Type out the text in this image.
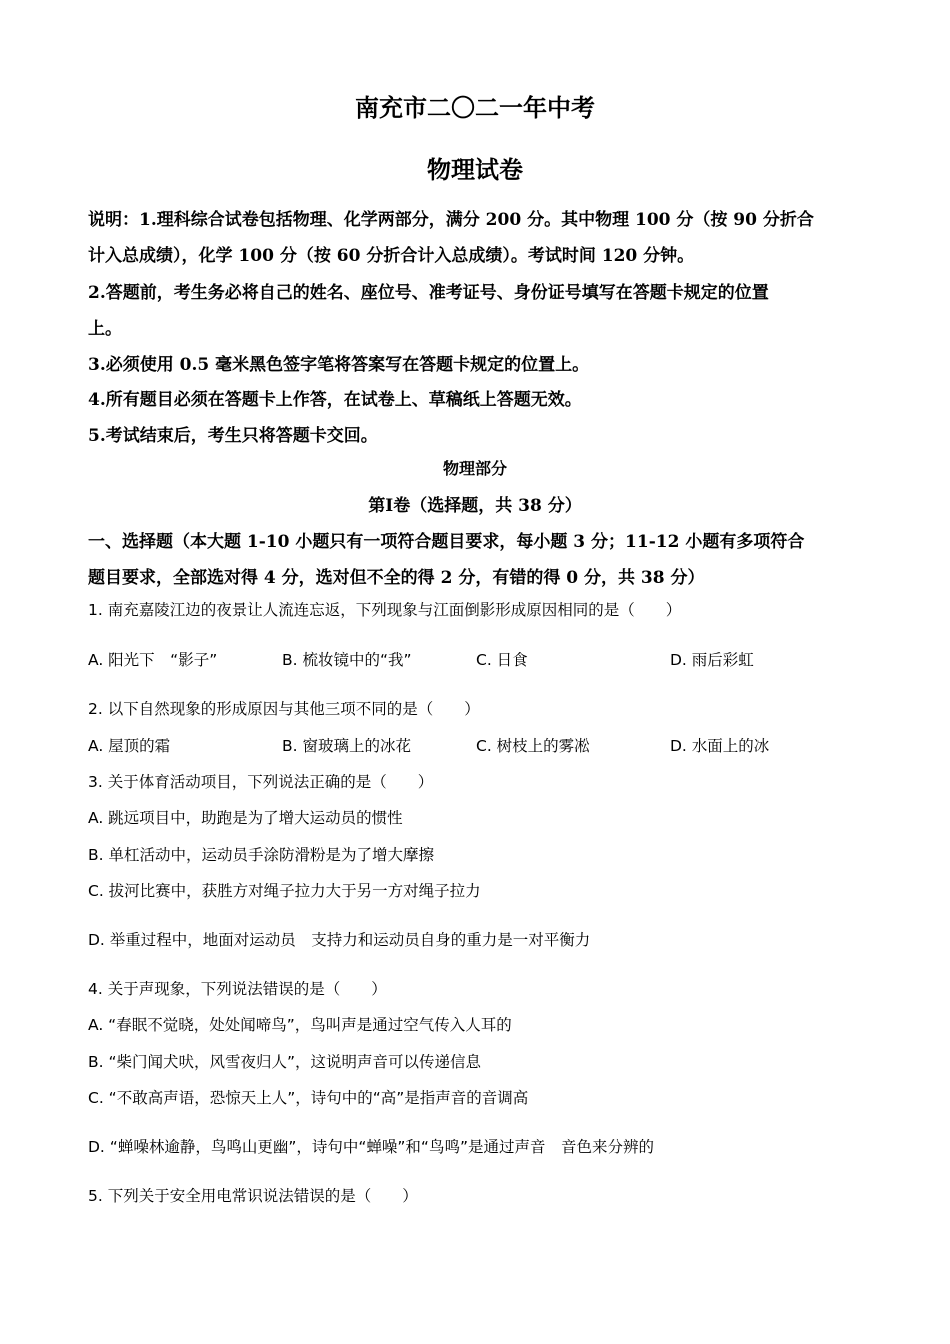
南充市二〇二一年中考
物理试卷
说明：1.理科综合试卷包括物理、化学两部分，满分 200 分。其中物理 100 分（按 90 分折合
计入总成绩），化学 100 分（按 60 分折合计入总成绩）。考试时间 120 分钟。
2.答题前，考生务必将自己的姓名、座位号、准考证号、身份证号填写在答题卡规定的位置
上。
3.必须使用 0.5 毫米黑色签字笔将答案写在答题卡规定的位置上。
4.所有题目必须在答题卡上作答，在试卷上、草稿纸上答题无效。
5.考试结束后，考生只将答题卡交回。
物理部分
第Ⅰ卷（选择题，共 38 分）
一、选择题（本大题 1-10 小题只有一项符合题目要求，每小题 3 分；11-12 小题有多项符合
题目要求，全部选对得 4 分，选对但不全的得 2 分，有错的得 0 分，共 38 分）
1. 南充嘉陵江边的夜景让人流连忘返，下列现象与江面倒影形成原因相同的是（　　）
A. 阳光下　“影子”	B. 梳妆镜中的“我”	C. 日食	D. 雨后彩虹
2. 以下自然现象的形成原因与其他三项不同的是（　　）
A. 屋顶的霜	B. 窗玻璃上的冰花	C. 树枝上的雾凇	D. 水面上的冰
3. 关于体育活动项目，下列说法正确的是（　　）
A. 跳远项目中，助跑是为了增大运动员的惯性
B. 单杠活动中，运动员手涂防滑粉是为了增大摩擦
C. 拔河比赛中，获胜方对绳子拉力大于另一方对绳子拉力
D. 举重过程中，地面对运动员　支持力和运动员自身的重力是一对平衡力
4. 关于声现象，下列说法错误的是（　　）
A. “春眠不觉晓，处处闻啼鸟”，鸟叫声是通过空气传入人耳的
B. “柴门闻犬吠，风雪夜归人”，这说明声音可以传递信息
C. “不敢高声语，恐惊天上人”，诗句中的“高”是指声音的音调高
D. “蝉噪林逾静，鸟鸣山更幽”，诗句中“蝉噪”和“鸟鸣”是通过声音　音色来分辨的
5. 下列关于安全用电常识说法错误的是（　　）
